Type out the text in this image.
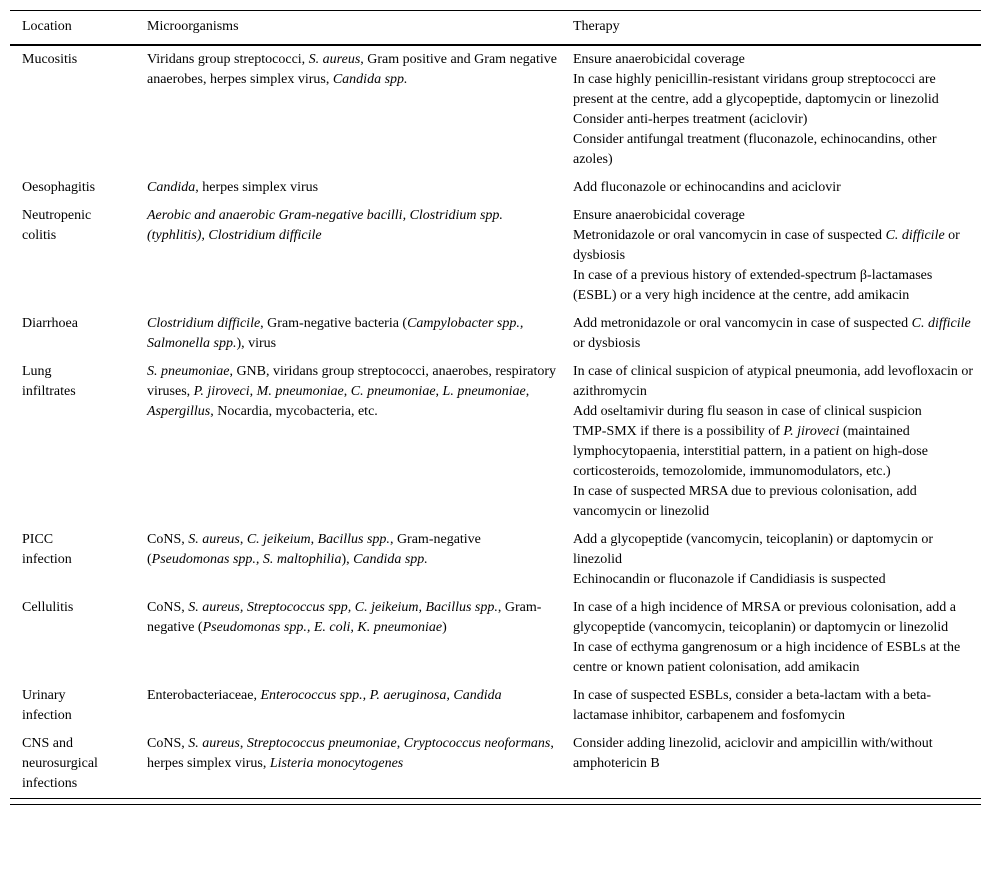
Location	Microorganisms	Therapy
Mucositis	Viridans group streptococci, S. aureus, Gram positive and Gram negative anaerobes, herpes simplex virus, Candida spp.	Ensure anaerobicidal coverage
In case highly penicillin-resistant viridans group streptococci are present at the centre, add a glycopeptide, daptomycin or linezolid
Consider anti-herpes treatment (aciclovir)
Consider antifungal treatment (fluconazole, echinocandins, other azoles)

Oesophagitis	Candida, herpes simplex virus	Add fluconazole or echinocandins and aciclovir

Neutropenic colitis	Aerobic and anaerobic Gram-negative bacilli, Clostridium spp. (typhlitis), Clostridium difficile	Ensure anaerobicidal coverage
Metronidazole or oral vancomycin in case of suspected C. difficile or dysbiosis
In case of a previous history of extended-spectrum β-lactamases (ESBL) or a very high incidence at the centre, add amikacin

Diarrhoea	Clostridium difficile, Gram-negative bacteria (Campylobacter spp., Salmonella spp.), virus	Add metronidazole or oral vancomycin in case of suspected C. difficile or dysbiosis

Lung infiltrates	S. pneumoniae, GNB, viridans group streptococci, anaerobes, respiratory viruses, P. jiroveci, M. pneumoniae, C. pneumoniae, L. pneumoniae, Aspergillus, Nocardia, mycobacteria, etc.	In case of clinical suspicion of atypical pneumonia, add levofloxacin or azithromycin
Add oseltamivir during flu season in case of clinical suspicion
TMP-SMX if there is a possibility of P. jiroveci (maintained lymphocytopaenia, interstitial pattern, in a patient on high-dose corticosteroids, temozolomide, immunomodulators, etc.)
In case of suspected MRSA due to previous colonisation, add vancomycin or linezolid

PICC infection	CoNS, S. aureus, C. jeikeium, Bacillus spp., Gram-negative (Pseudomonas spp., S. maltophilia), Candida spp.	Add a glycopeptide (vancomycin, teicoplanin) or daptomycin or linezolid
Echinocandin or fluconazole if Candidiasis is suspected

Cellulitis	CoNS, S. aureus, Streptococcus spp, C. jeikeium, Bacillus spp., Gram-negative (Pseudomonas spp., E. coli, K. pneumoniae)	In case of a high incidence of MRSA or previous colonisation, add a glycopeptide (vancomycin, teicoplanin) or daptomycin or linezolid
In case of ecthyma gangrenosum or a high incidence of ESBLs at the centre or known patient colonisation, add amikacin

Urinary infection	Enterobacteriaceae, Enterococcus spp., P. aeruginosa, Candida	In case of suspected ESBLs, consider a beta-lactam with a beta-lactamase inhibitor, carbapenem and fosfomycin

CNS and neurosurgical infections	CoNS, S. aureus, Streptococcus pneumoniae, Cryptococcus neoformans, herpes simplex virus, Listeria monocytogenes	Consider adding linezolid, aciclovir and ampicillin with/without amphotericin B
